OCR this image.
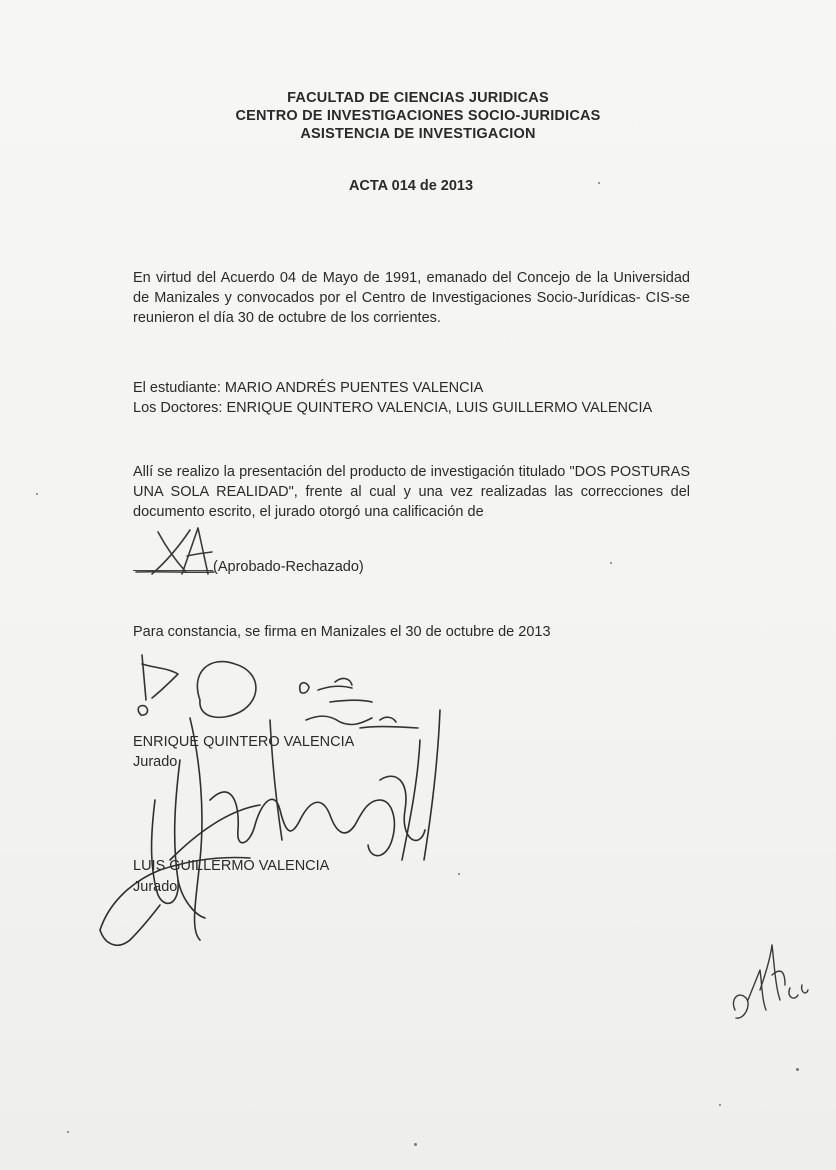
FACULTAD DE CIENCIAS JURIDICAS
CENTRO DE INVESTIGACIONES SOCIO-JURIDICAS
ASISTENCIA DE INVESTIGACION
ACTA 014 de 2013
En virtud del Acuerdo 04 de Mayo de 1991, emanado del Concejo de la Universidad de Manizales y convocados por el Centro de Investigaciones Socio-Jurídicas- CIS-se reunieron el día 30 de octubre de los corrientes.
El estudiante: MARIO ANDRÉS PUENTES VALENCIA
Los Doctores: ENRIQUE QUINTERO VALENCIA, LUIS GUILLERMO VALENCIA
Allí se realizo la presentación del producto de investigación titulado "DOS POSTURAS UNA SOLA REALIDAD", frente al cual y una vez realizadas las correcciones del documento escrito, el jurado otorgó una calificación de
(Aprobado-Rechazado)
Para constancia, se firma en Manizales el 30 de octubre de 2013
ENRIQUE QUINTERO VALENCIA
Jurado
LUIS GUILLERMO VALENCIA
Jurado
